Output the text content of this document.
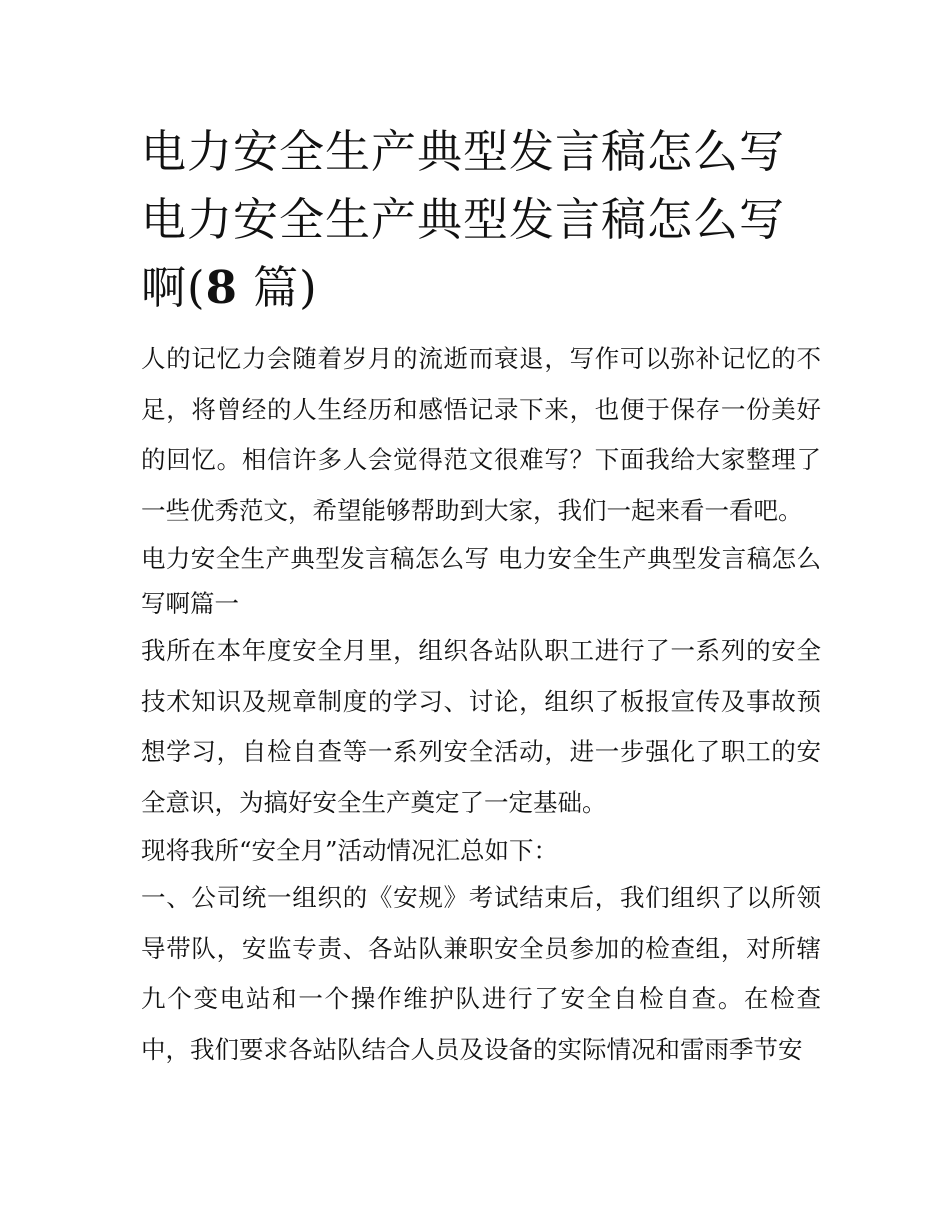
电力安全生产典型发言稿怎么写 电力安全生产典型发言稿怎么写啊(8 篇)

人的记忆力会随着岁月的流逝而衰退，写作可以弥补记忆的不足，将曾经的人生经历和感悟记录下来，也便于保存一份美好的回忆。相信许多人会觉得范文很难写？下面我给大家整理了一些优秀范文，希望能够帮助到大家，我们一起来看一看吧。

电力安全生产典型发言稿怎么写 电力安全生产典型发言稿怎么写啊篇一

我所在本年度安全月里，组织各站队职工进行了一系列的安全技术知识及规章制度的学习、讨论，组织了板报宣传及事故预想学习，自检自查等一系列安全活动，进一步强化了职工的安全意识，为搞好安全生产奠定了一定基础。

现将我所“安全月”活动情况汇总如下：

一、公司统一组织的《安规》考试结束后，我们组织了以所领导带队，安监专责、各站队兼职安全员参加的检查组，对所辖九个变电站和一个操作维护队进行了安全自检自查。在检查中，我们要求各站队结合人员及设备的实际情况和雷雨季节安
